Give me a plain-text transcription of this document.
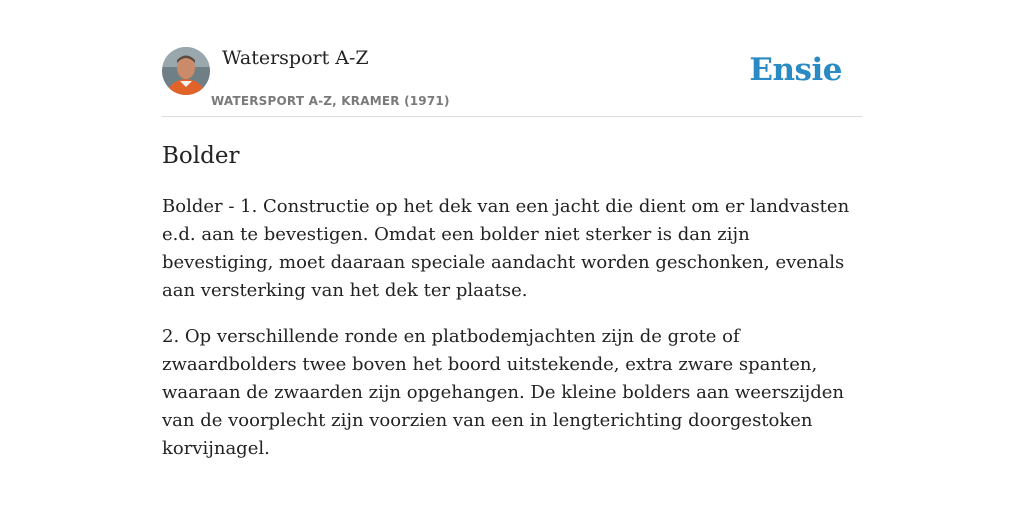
Watersport A-Z
WATERSPORT A-Z, KRAMER (1971)
Ensie
Bolder

Bolder - 1. Constructie op het dek van een jacht die dient om er landvasten e.d. aan te bevestigen. Omdat een bolder niet sterker is dan zijn bevestiging, moet daaraan speciale aandacht worden geschonken, evenals aan versterking van het dek ter plaatse.

2. Op verschillende ronde en platbodemjachten zijn de grote of zwaardbolders twee boven het boord uitstekende, extra zware spanten, waaraan de zwaarden zijn opgehangen. De kleine bolders aan weerszijden van de voorplecht zijn voorzien van een in lengterichting doorgestoken korvijnagel.
